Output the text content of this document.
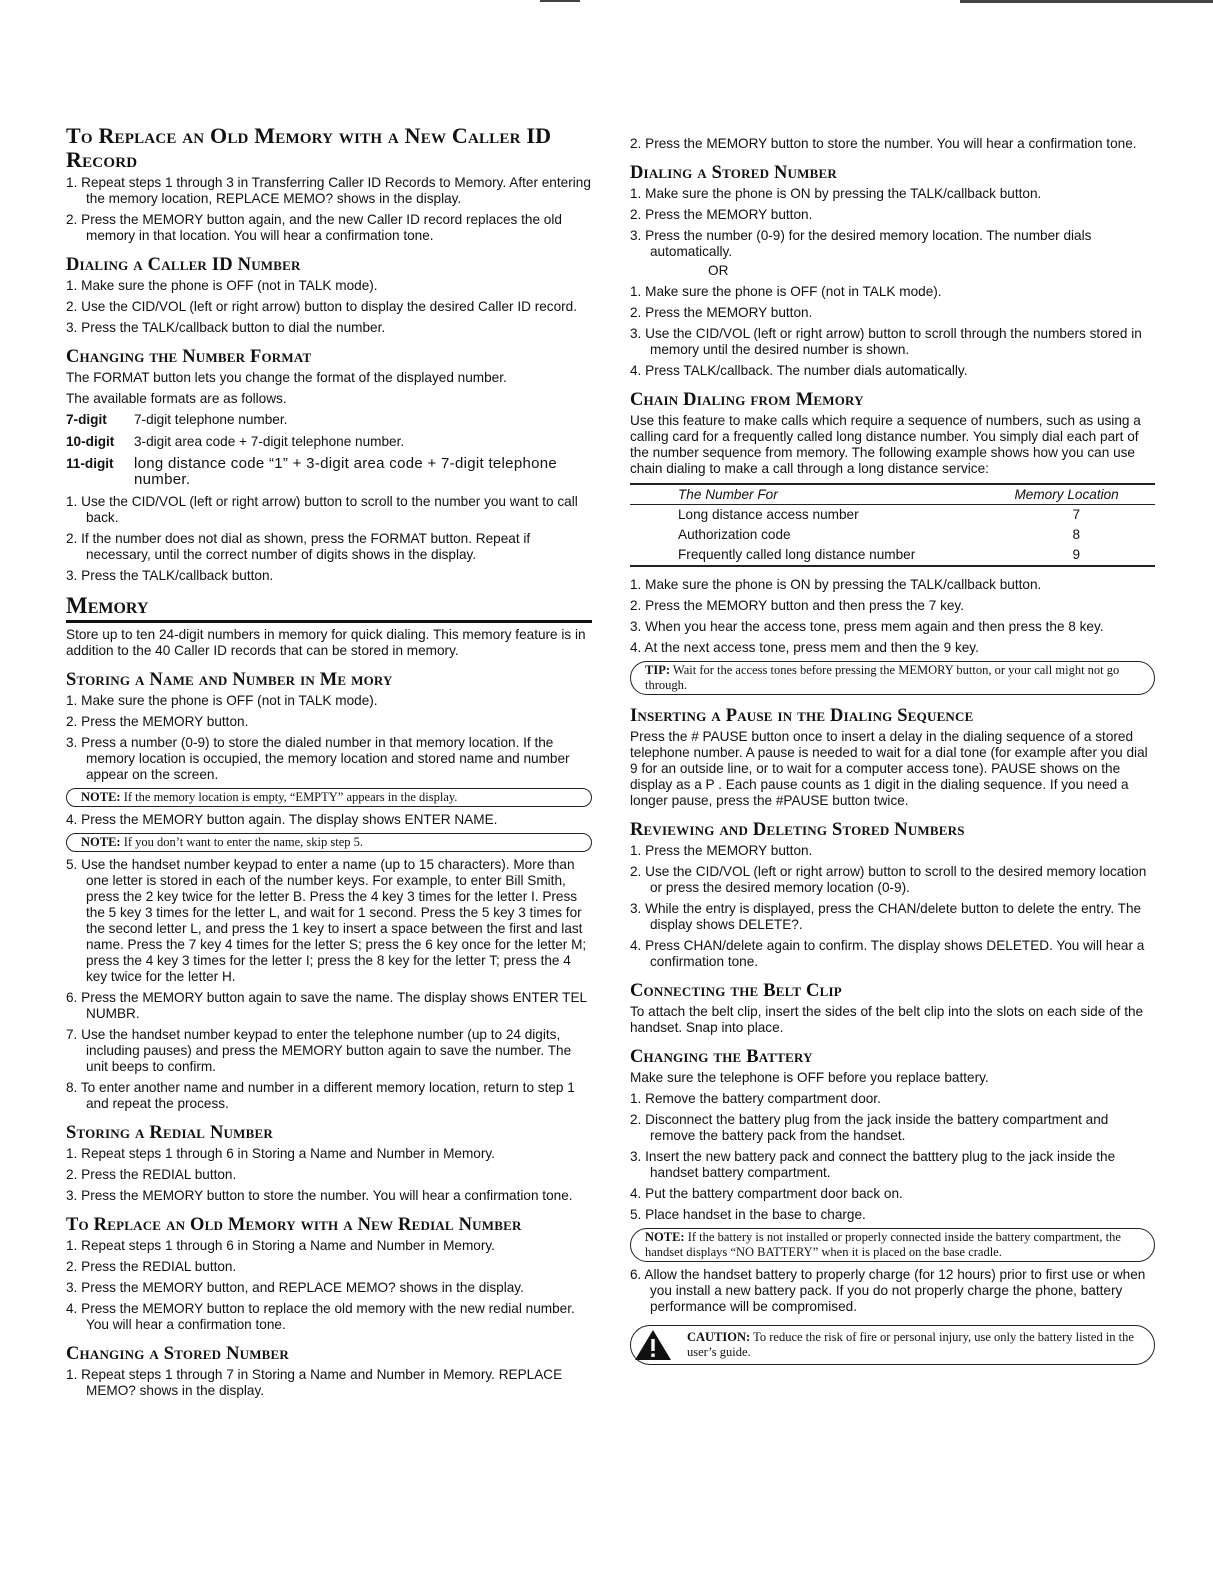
To Replace an Old Memory with a New Caller ID Record
1. Repeat steps 1 through 3 in Transferring Caller ID Records to Memory. After entering the memory location, REPLACE MEMO? shows in the display.
2. Press the MEMORY button again, and the new Caller ID record replaces the old memory in that location. You will hear a confirmation tone.
Dialing a Caller ID Number
1. Make sure the phone is OFF (not in TALK mode).
2. Use the CID/VOL (left or right arrow) button to display the desired Caller ID record.
3. Press the TALK/callback button to dial the number.
Changing the Number Format

The FORMAT button lets you change the format of the displayed number.

The available formats are as follows.

7-digit	7-digit telephone number.
10-digit	3-digit area code + 7-digit telephone number.
11-digit	long distance code “1” + 3-digit area code + 7-digit telephone number.
1. Use the CID/VOL (left or right arrow) button to scroll to the number you want to call back.
2. If the number does not dial as shown, press the FORMAT button. Repeat if necessary, until the correct number of digits shows in the display.
3. Press the TALK/callback button.
Memory

Store up to ten 24-digit numbers in memory for quick dialing. This memory feature is in addition to the 40 Caller ID records that can be stored in memory.

Storing a Name and Number in Me mory
1. Make sure the phone is OFF (not in TALK mode).
2. Press the MEMORY button.
3. Press a number (0-9) to store the dialed number in that memory location. If the memory location is occupied, the memory location and stored name and number appear on the screen.
NOTE: If the memory location is empty, “EMPTY” appears in the display.
4. Press the MEMORY button again. The display shows ENTER NAME.
NOTE: If you don’t want to enter the name, skip step 5.
5. Use the handset number keypad to enter a name (up to 15 characters). More than one letter is stored in each of the number keys. For example, to enter Bill Smith, press the 2 key twice for the letter B. Press the 4 key 3 times for the letter I. Press the 5 key 3 times for the letter L, and wait for 1 second. Press the 5 key 3 times for the second letter L, and press the 1 key to insert a space between the first and last name. Press the 7 key 4 times for the letter S; press the 6 key once for the letter M; press the 4 key 3 times for the letter I; press the 8 key for the letter T; press the 4 key twice for the letter H.
6. Press the MEMORY button again to save the name. The display shows ENTER TEL NUMBR.
7. Use the handset number keypad to enter the telephone number (up to 24 digits, including pauses) and press the MEMORY button again to save the number. The unit beeps to confirm.
8. To enter another name and number in a different memory location, return to step 1 and repeat the process.
Storing a Redial Number
1. Repeat steps 1 through 6 in Storing a Name and Number in Memory.
2. Press the REDIAL button.
3. Press the MEMORY button to store the number. You will hear a confirmation tone.
To Replace an Old Memory with a New Redial Number
1. Repeat steps 1 through 6 in Storing a Name and Number in Memory.
2. Press the REDIAL button.
3. Press the MEMORY button, and REPLACE MEMO? shows in the display.
4. Press the MEMORY button to replace the old memory with the new redial number. You will hear a confirmation tone.
Changing a Stored Number
1. Repeat steps 1 through 7 in Storing a Name and Number in Memory. REPLACE MEMO? shows in the display.
2. Press the MEMORY button to store the number. You will hear a confirmation tone.
Dialing a Stored Number
1. Make sure the phone is ON by pressing the TALK/callback button.
2. Press the MEMORY button.
3. Press the number (0-9) for the desired memory location. The number dials automatically.
OR
1. Make sure the phone is OFF (not in TALK mode).
2. Press the MEMORY button.
3. Use the CID/VOL (left or right arrow) button to scroll through the numbers stored in memory until the desired number is shown.
4. Press TALK/callback. The number dials automatically.
Chain Dialing from Memory

Use this feature to make calls which require a sequence of numbers, such as using a calling card for a frequently called long distance number. You simply dial each part of the number sequence from memory. The following example shows how you can use chain dialing to make a call through a long distance service:

The Number For	Memory Location
Long distance access number	7
Authorization code	8
Frequently called long distance number	9
1. Make sure the phone is ON by pressing the TALK/callback button.
2. Press the MEMORY button and then press the 7 key.
3. When you hear the access tone, press mem again and then press the 8 key.
4. At the next access tone, press mem and then the 9 key.
TIP: Wait for the access tones before pressing the MEMORY button, or your call might not go through.
Inserting a Pause in the Dialing Sequence

Press the # PAUSE button once to insert a delay in the dialing sequence of a stored telephone number. A pause is needed to wait for a dial tone (for example after you dial 9 for an outside line, or to wait for a computer access tone). PAUSE shows on the display as a P . Each pause counts as 1 digit in the dialing sequence. If you need a longer pause, press the #PAUSE button twice.

Reviewing and Deleting Stored Numbers
1. Press the MEMORY button.
2. Use the CID/VOL (left or right arrow) button to scroll to the desired memory location or press the desired memory location (0-9).
3. While the entry is displayed, press the CHAN/delete button to delete the entry. The display shows DELETE?.
4. Press CHAN/delete again to confirm. The display shows DELETED. You will hear a confirmation tone.
Connecting the Belt Clip

To attach the belt clip, insert the sides of the belt clip into the slots on each side of the handset. Snap into place.

Changing the Battery

Make sure the telephone is OFF before you replace battery.

1. Remove the battery compartment door.
2. Disconnect the battery plug from the jack inside the battery compartment and remove the battery pack from the handset.
3. Insert the new battery pack and connect the batttery plug to the jack inside the handset battery compartment.
4. Put the battery compartment door back on.
5. Place handset in the base to charge.
NOTE: If the battery is not installed or properly connected inside the battery compartment, the handset displays “NO BATTERY” when it is placed on the base cradle.
6. Allow the handset battery to properly charge (for 12 hours) prior to first use or when you install a new battery pack. If you do not properly charge the phone, battery performance will be compromised.
CAUTION: To reduce the risk of fire or personal injury, use only the battery listed in the user’s guide.
